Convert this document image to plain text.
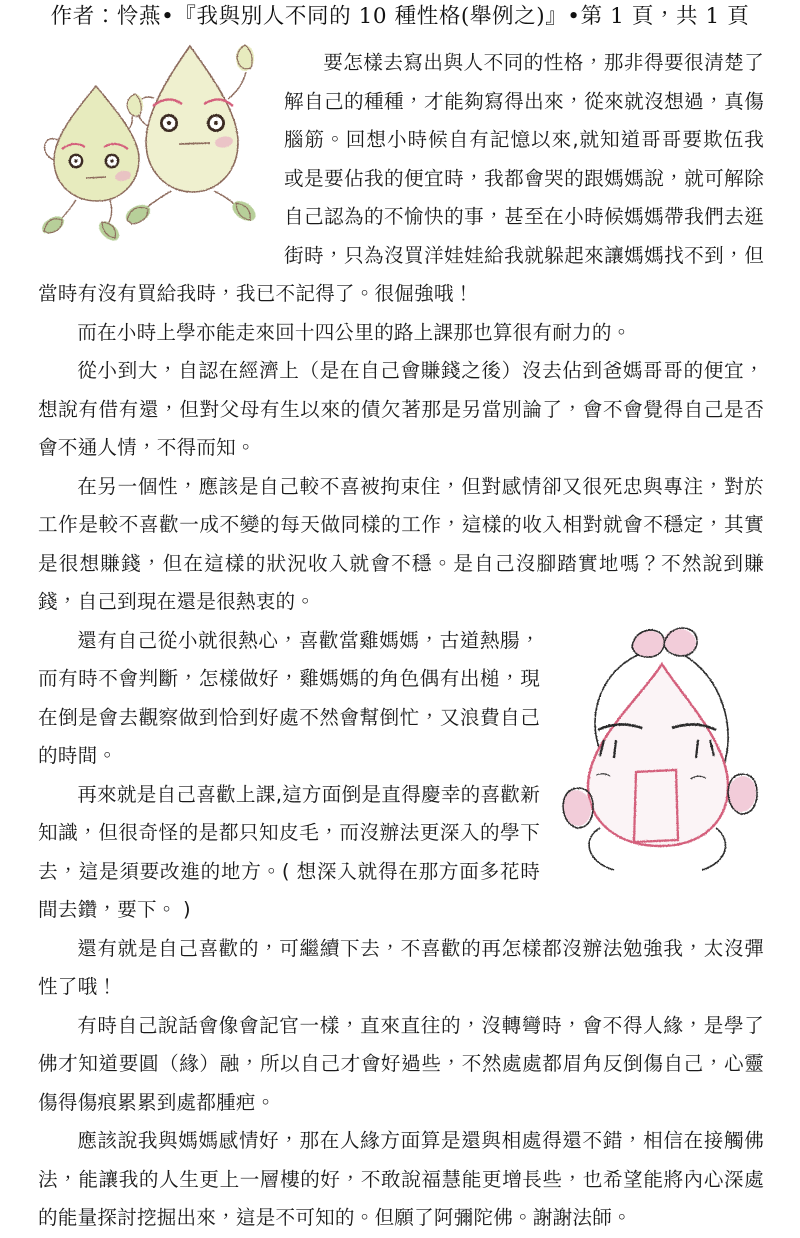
作者：怜燕•『我與別人不同的 10 種性格(舉例之)』•第 1 頁，共 1 頁

要怎樣去寫出與人不同的性格，那非得要很清楚了解自己的種種，才能夠寫得出來，從來就沒想過，真傷腦筋。回想小時候自有記憶以來‚就知道哥哥要欺伍我或是要佔我的便宜時，我都會哭的跟媽媽說，就可解除自己認為的不愉快的事，甚至在小時候媽媽帶我們去逛街時，只為沒買洋娃娃給我就躲起來讓媽媽找不到，但當時有沒有買給我時，我已不記得了。很倔強哦！

而在小時上學亦能走來回十四公里的路上課那也算很有耐力的。

從小到大，自認在經濟上（是在自己會賺錢之後）沒去佔到爸媽哥哥的便宜，想說有借有還，但對父母有生以來的債欠著那是另當別論了，會不會覺得自己是否會不通人情，不得而知。

在另一個性，應該是自己較不喜被拘束住，但對感情卻又很死忠與專注，對於工作是較不喜歡一成不變的每天做同樣的工作，這樣的收入相對就會不穩定，其實是很想賺錢，但在這樣的狀況收入就會不穩。是自己沒腳踏實地嗎？不然說到賺錢，自己到現在還是很熱衷的。

還有自己從小就很熱心，喜歡當雞媽媽，古道熱腸，而有時不會判斷，怎樣做好，雞媽媽的角色偶有出槌，現在倒是會去觀察做到恰到好處不然會幫倒忙，又浪費自己的時間。

再來就是自己喜歡上課‚這方面倒是直得慶幸的喜歡新知識，但很奇怪的是都只知皮毛，而沒辦法更深入的學下去，這是須要改進的地方。( 想深入就得在那方面多花時間去鑽，要下。 )

還有就是自己喜歡的，可繼續下去，不喜歡的再怎樣都沒辦法勉強我，太沒彈性了哦！

有時自己說話會像會記官一樣，直來直往的，沒轉彎時，會不得人緣，是學了佛才知道要圓（緣）融，所以自己才會好過些，不然處處都眉角反倒傷自己，心靈傷得傷痕累累到處都腫疤。

應該說我與媽媽感情好，那在人緣方面算是還與相處得還不錯，相信在接觸佛法，能讓我的人生更上一層樓的好，不敢說福慧能更增長些，也希望能將內心深處的能量探討挖掘出來，這是不可知的。但願了阿彌陀佛。謝謝法師。
